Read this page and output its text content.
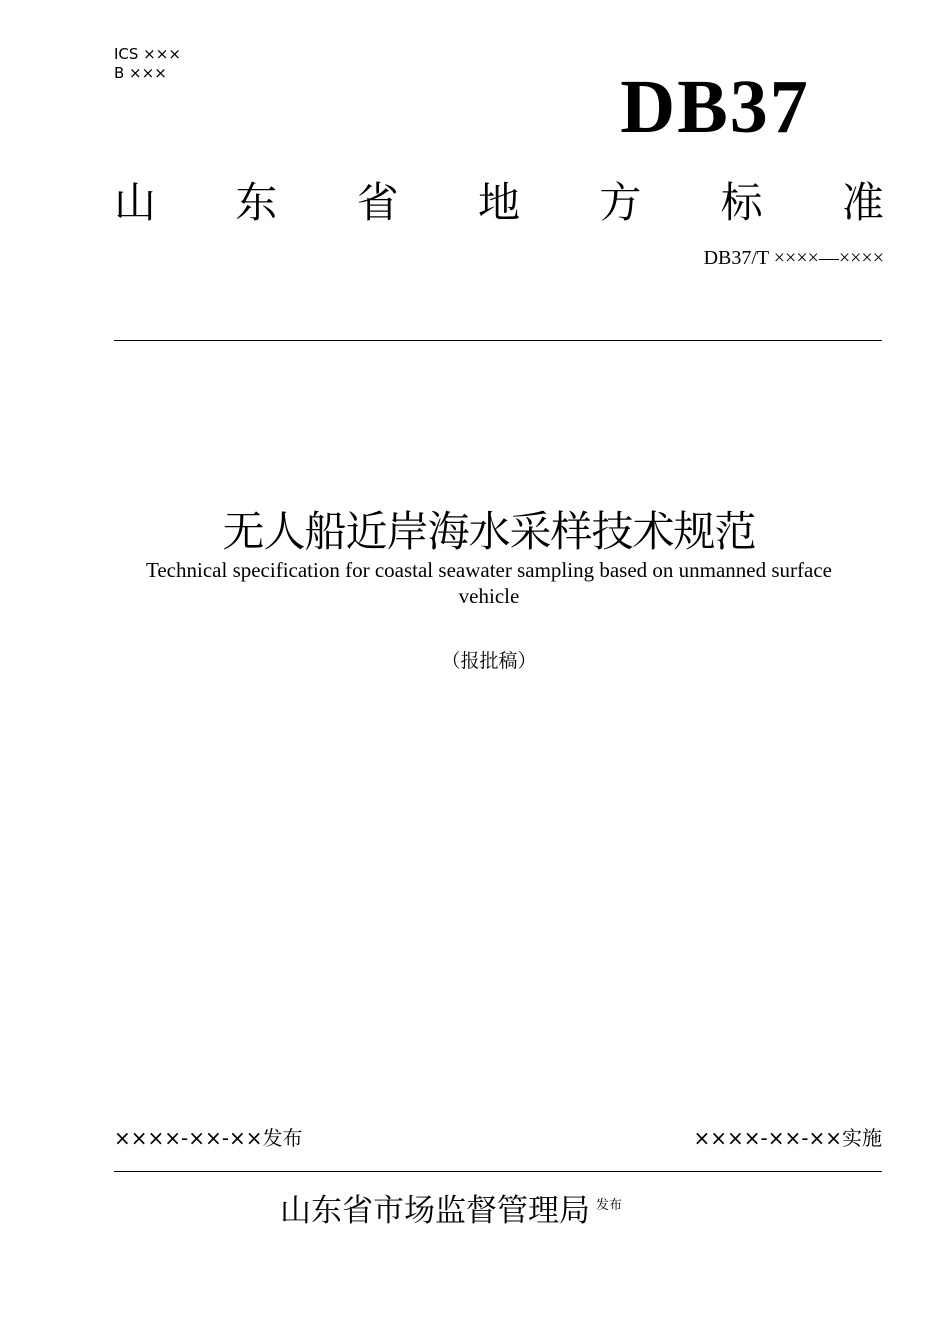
ICS ×××
B ×××	DB37
山 东 省 地 方 标 准
DB37/T ××××—××××
无人船近岸海水采样技术规范
Technical specification for coastal seawater sampling based on unmanned surface vehicle
（报批稿）
××××-××-××发布	××××-××-××实施
山东省市场监督管理局 $^{发布}$
